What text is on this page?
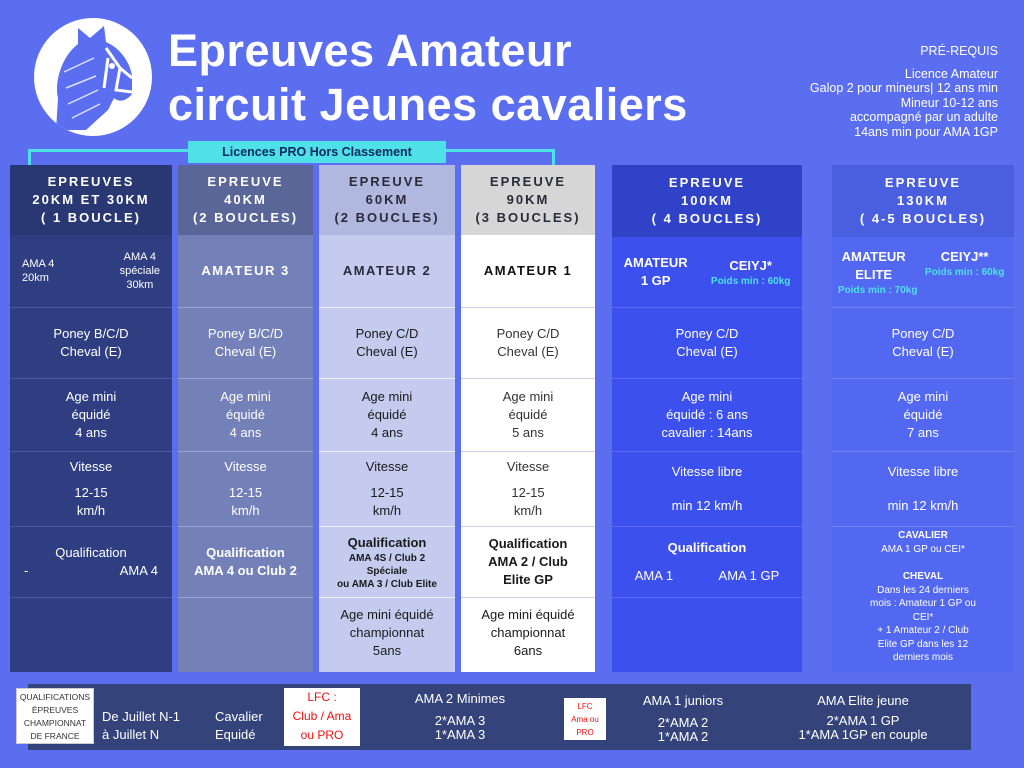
Epreuves Amateur
circuit Jeunes cavaliers
PRÉ-REQUIS
Licence Amateur
Galop 2 pour mineurs| 12 ans min
Mineur 10-12 ans
accompagné par un adulte
14ans min pour AMA 1GP
Licences PRO Hors Classement
EPREUVES
20KM ET 30KM
( 1 BOUCLE)
AMA 4
20km
AMA 4
spéciale
30km
Poney B/C/D
Cheval (E)
Age mini
équidé
4 ans
Vitesse
12-15
km/h
Qualification
-	AMA 4
EPREUVE
40KM
(2 BOUCLES)
AMATEUR 3
Poney B/C/D
Cheval (E)
Age mini
équidé
4 ans
Vitesse
12-15
km/h
Qualification
AMA 4 ou Club 2
EPREUVE
60KM
(2 BOUCLES)
AMATEUR 2
Poney C/D
Cheval (E)
Age mini
équidé
4 ans
Vitesse
12-15
km/h
Qualification
AMA 4S / Club 2
Spéciale
ou AMA 3 / Club Elite
Age mini équidé
championnat
5ans
EPREUVE
90KM
(3 BOUCLES)
AMATEUR 1
Poney C/D
Cheval (E)
Age mini
équidé
5 ans
Vitesse
12-15
km/h
Qualification
AMA 2 / Club
Elite GP
Age mini équidé
championnat
6ans
EPREUVE
100KM
( 4 BOUCLES)
AMATEUR
1 GP
CEIYJ*
Poids min : 60kg
Poney C/D
Cheval (E)
Age mini
équidé : 6 ans
cavalier : 14ans
Vitesse libre
min 12 km/h
Qualification
AMA 1	AMA 1 GP
EPREUVE
130KM
( 4-5 BOUCLES)
AMATEUR
ELITE
CEIYJ**
Poids min : 60kg
Poids min : 70kg
Poney C/D
Cheval (E)
Age mini
équidé
7 ans
Vitesse libre
min 12 km/h
CAVALIER
AMA 1 GP ou CEI*
CHEVAL
Dans les 24 derniers
mois : Amateur 1 GP ou
CEI*
+ 1 Amateur 2 / Club
Elite GP dans les 12
derniers mois
QUALIFICATIONS
ÉPREUVES
CHAMPIONNAT
DE FRANCE
De Juillet N-1
à Juillet N
Cavalier
Equidé
LFC :
Club / Ama
ou PRO
AMA 2 Minimes
2*AMA 3
1*AMA 3
LFC
Ama ou
PRO
AMA 1 juniors
2*AMA 2
1*AMA 2
AMA Elite jeune
2*AMA 1 GP
1*AMA 1GP en couple
